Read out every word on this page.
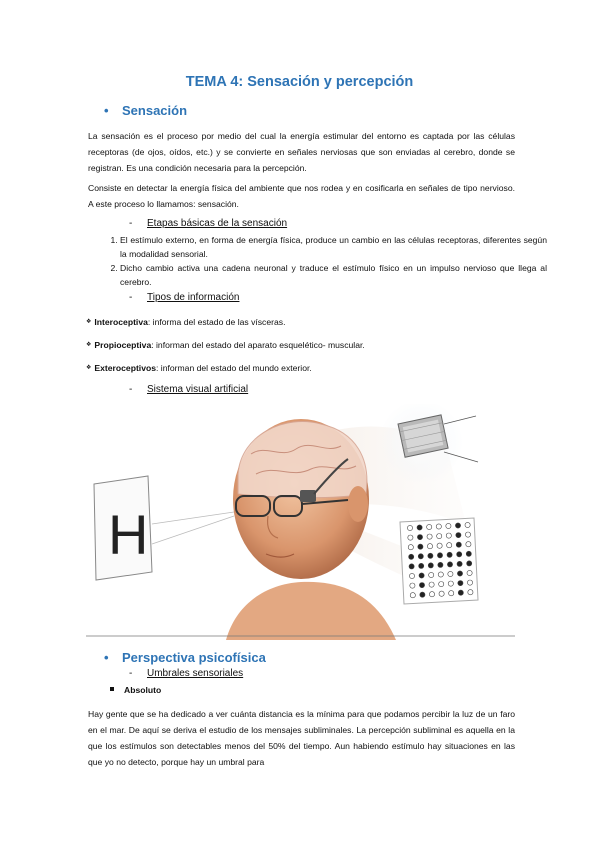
TEMA 4: Sensación y percepción
• Sensación

La sensación es el proceso por medio del cual la energía estimular del entorno es captada por las células receptoras (de ojos, oídos, etc.) y se convierte en señales nerviosas que son enviadas al cerebro, donde se registran. Es una condición necesaria para la percepción.

Consiste en detectar la energía física del ambiente que nos rodea y en cosificarla en señales de tipo nervioso. A este proceso lo llamamos: sensación.

- Etapas básicas de la sensación
1. El estímulo externo, en forma de energía física, produce un cambio en las células receptoras, diferentes según la modalidad sensorial.
2. Dicho cambio activa una cadena neuronal y traduce el estímulo físico en un impulso nervioso que llega al cerebro.
- Tipos de información
❖ Interoceptiva: informa del estado de las vísceras.
❖ Propioceptiva: informan del estado del aparato esquelético- muscular.
❖ Exteroceptivos: informan del estado del mundo exterior.
- Sistema visual artificial
H
• Perspectiva psicofísica
- Umbrales sensoriales
Absoluto

Hay gente que se ha dedicado a ver cuánta distancia es la mínima para que podamos percibir la luz de un faro en el mar. De aquí se deriva el estudio de los mensajes subliminales. La percepción subliminal es aquella en la que los estímulos son detectables menos del 50% del tiempo. Aun habiendo estímulo hay situaciones en las que yo no detecto, porque hay un umbral para
